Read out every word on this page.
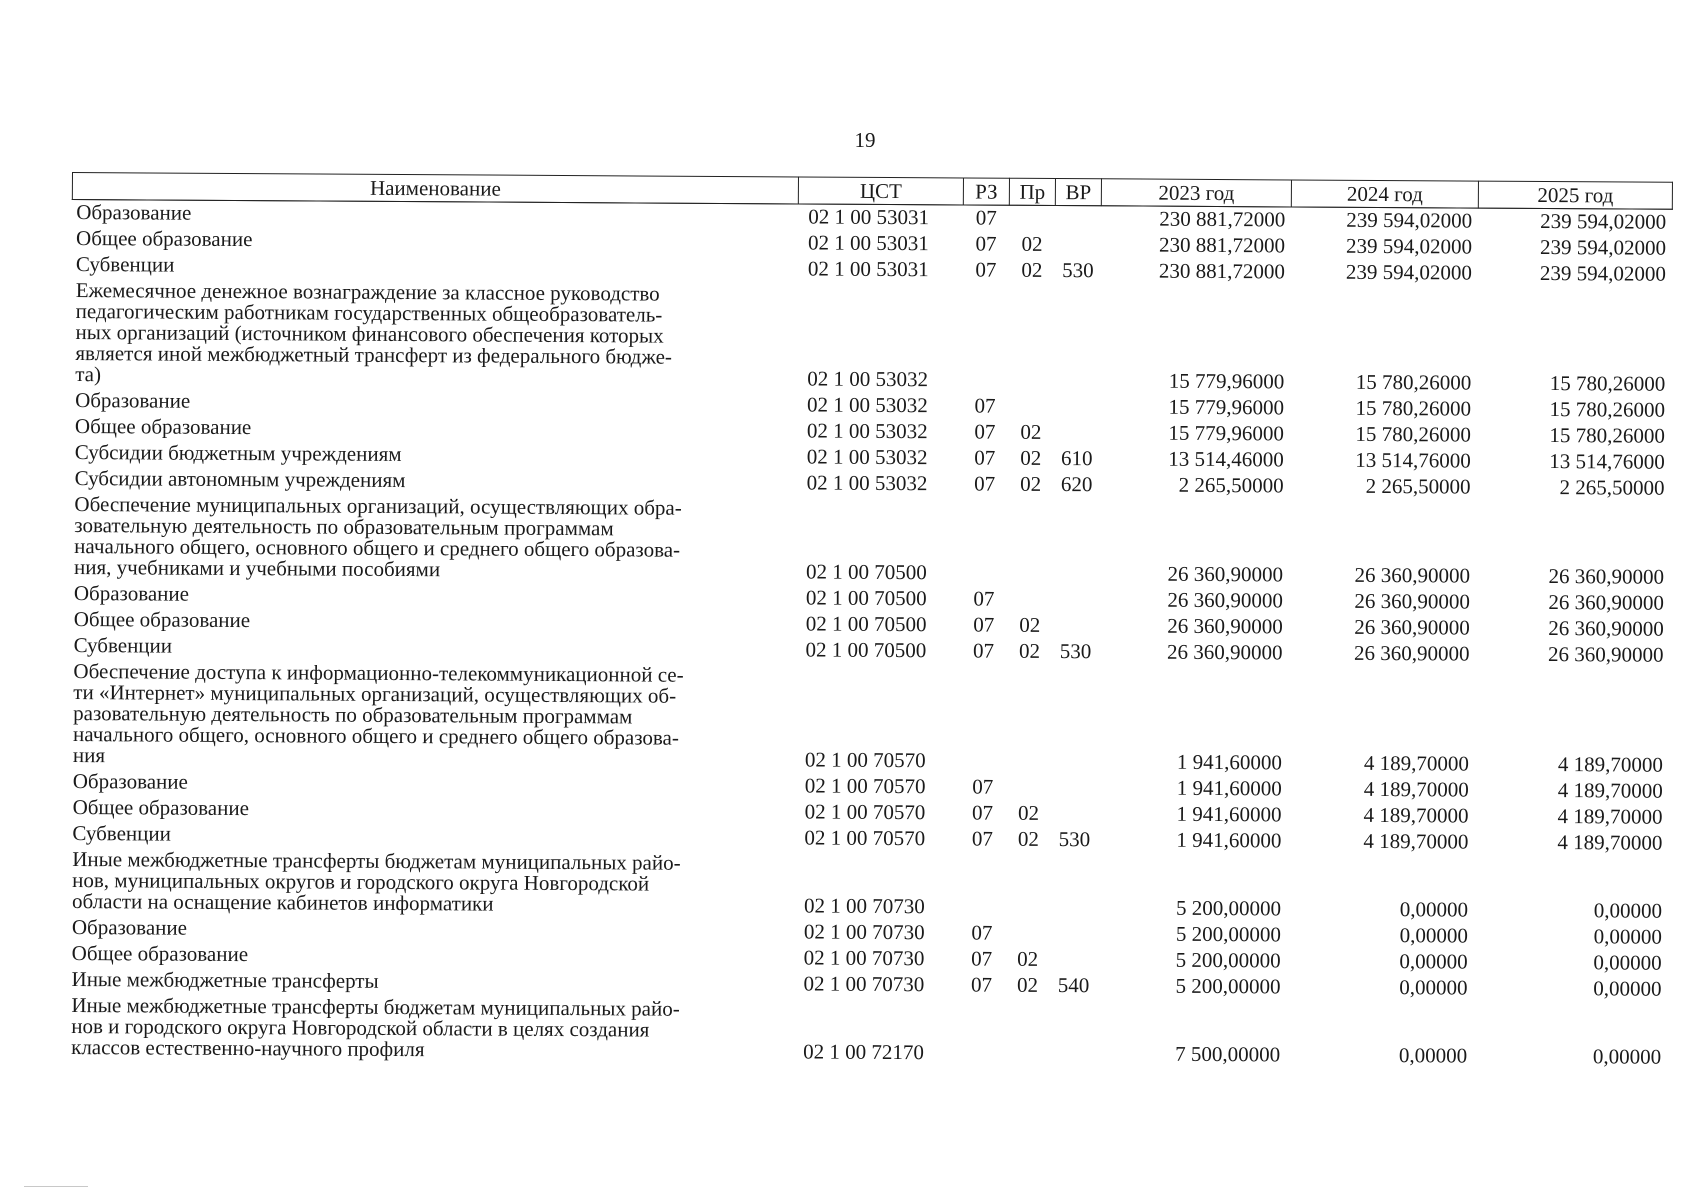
19
Наименование	ЦСТ	РЗ	Пр	ВР	2023 год	2024 год	2025 год
Образование	02 1 00 53031	07			230 881,72000	239 594,02000	239 594,02000
Общее образование	02 1 00 53031	07	02		230 881,72000	239 594,02000	239 594,02000
Субвенции	02 1 00 53031	07	02	530	230 881,72000	239 594,02000	239 594,02000

Ежемесячное денежное вознаграждение за классное руководство
педагогическим работникам государственных общеобразователь-
ных организаций (источником финансового обеспечения которых
является иной межбюджетный трансферт из федерального бюдже-
та)	02 1 00 53032				15 779,96000	15 780,26000	15 780,26000
Образование	02 1 00 53032	07			15 779,96000	15 780,26000	15 780,26000
Общее образование	02 1 00 53032	07	02		15 779,96000	15 780,26000	15 780,26000
Субсидии бюджетным учреждениям	02 1 00 53032	07	02	610	13 514,46000	13 514,76000	13 514,76000
Субсидии автономным учреждениям	02 1 00 53032	07	02	620	2 265,50000	2 265,50000	2 265,50000

Обеспечение муниципальных организаций, осуществляющих обра-
зовательную деятельность по образовательным программам
начального общего, основного общего и среднего общего образова-
ния, учебниками и учебными пособиями	02 1 00 70500				26 360,90000	26 360,90000	26 360,90000
Образование	02 1 00 70500	07			26 360,90000	26 360,90000	26 360,90000
Общее образование	02 1 00 70500	07	02		26 360,90000	26 360,90000	26 360,90000
Субвенции	02 1 00 70500	07	02	530	26 360,90000	26 360,90000	26 360,90000

Обеспечение доступа к информационно-телекоммуникационной се-
ти «Интернет» муниципальных организаций, осуществляющих об-
разовательную деятельность по образовательным программам
начального общего, основного общего и среднего общего образова-
ния	02 1 00 70570				1 941,60000	4 189,70000	4 189,70000
Образование	02 1 00 70570	07			1 941,60000	4 189,70000	4 189,70000
Общее образование	02 1 00 70570	07	02		1 941,60000	4 189,70000	4 189,70000
Субвенции	02 1 00 70570	07	02	530	1 941,60000	4 189,70000	4 189,70000

Иные межбюджетные трансферты бюджетам муниципальных райо-
нов, муниципальных округов и городского округа Новгородской
области на оснащение кабинетов информатики	02 1 00 70730				5 200,00000	0,00000	0,00000
Образование	02 1 00 70730	07			5 200,00000	0,00000	0,00000
Общее образование	02 1 00 70730	07	02		5 200,00000	0,00000	0,00000
Иные межбюджетные трансферты	02 1 00 70730	07	02	540	5 200,00000	0,00000	0,00000

Иные межбюджетные трансферты бюджетам муниципальных райо-
нов и городского округа Новгородской области в целях создания
классов естественно-научного профиля	02 1 00 72170				7 500,00000	0,00000	0,00000
